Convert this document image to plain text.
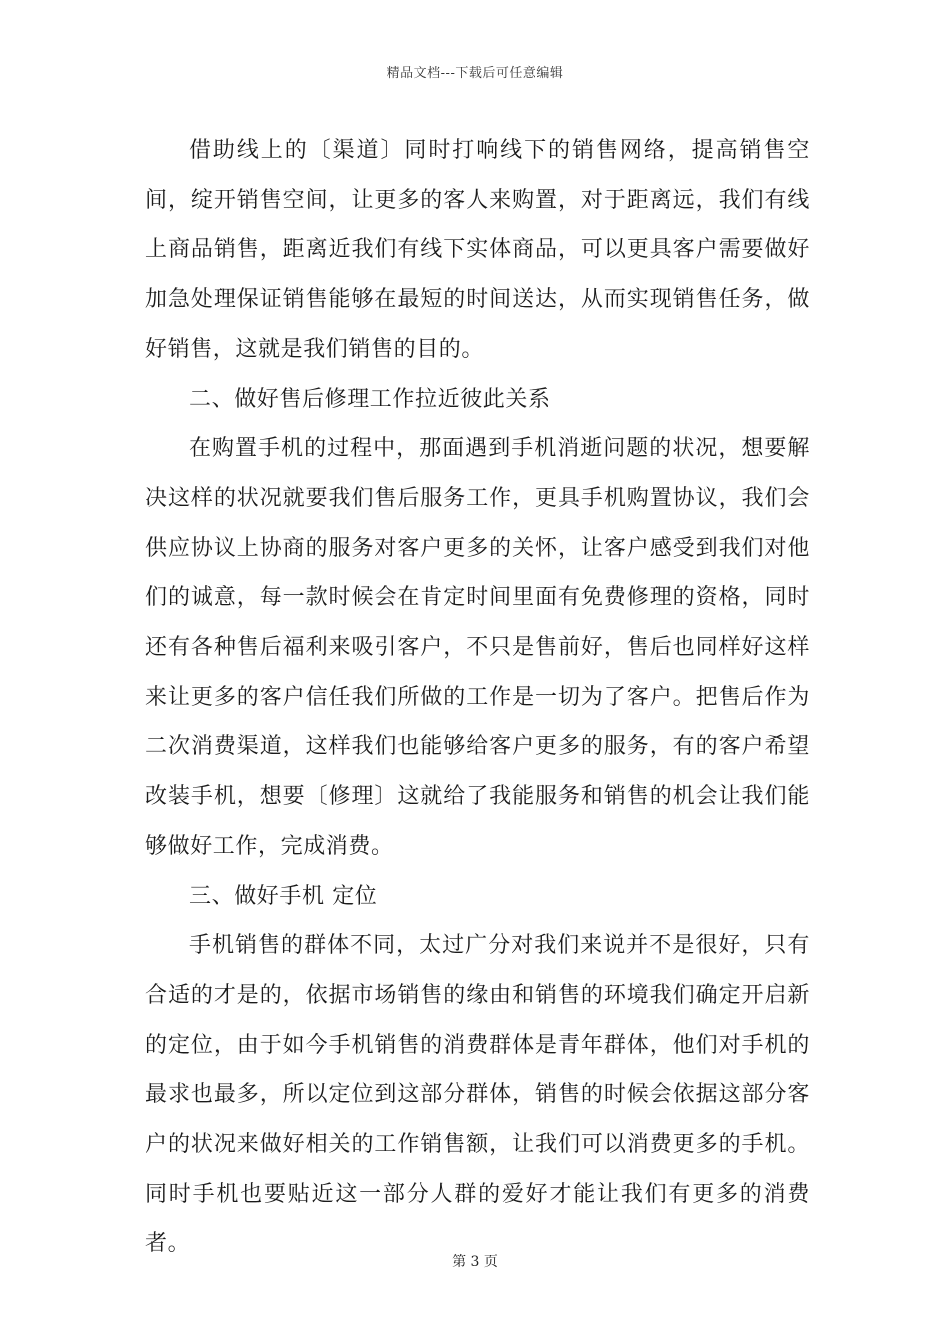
精品文档---下载后可任意编辑

借助线上的〔渠道〕同时打响线下的销售网络，提高销售空间，绽开销售空间，让更多的客人来购置，对于距离远，我们有线上商品销售，距离近我们有线下实体商品，可以更具客户需要做好加急处理保证销售能够在最短的时间送达，从而实现销售任务，做好销售，这就是我们销售的目的。

二、做好售后修理工作拉近彼此关系

在购置手机的过程中，那面遇到手机消逝问题的状况，想要解决这样的状况就要我们售后服务工作，更具手机购置协议，我们会供应协议上协商的服务对客户更多的关怀，让客户感受到我们对他们的诚意，每一款时候会在肯定时间里面有免费修理的资格，同时还有各种售后福利来吸引客户，不只是售前好，售后也同样好这样来让更多的客户信任我们所做的工作是一切为了客户。把售后作为二次消费渠道，这样我们也能够给客户更多的服务，有的客户希望改装手机，想要〔修理〕这就给了我能服务和销售的机会让我们能够做好工作，完成消费。

三、做好手机 定位

手机销售的群体不同，太过广分对我们来说并不是很好，只有合适的才是的，依据市场销售的缘由和销售的环境我们确定开启新的定位，由于如今手机销售的消费群体是青年群体，他们对手机的最求也最多，所以定位到这部分群体，销售的时候会依据这部分客户的状况来做好相关的工作销售额，让我们可以消费更多的手机。同时手机也要贴近这一部分人群的爱好才能让我们有更多的消费者。

第 3 页
